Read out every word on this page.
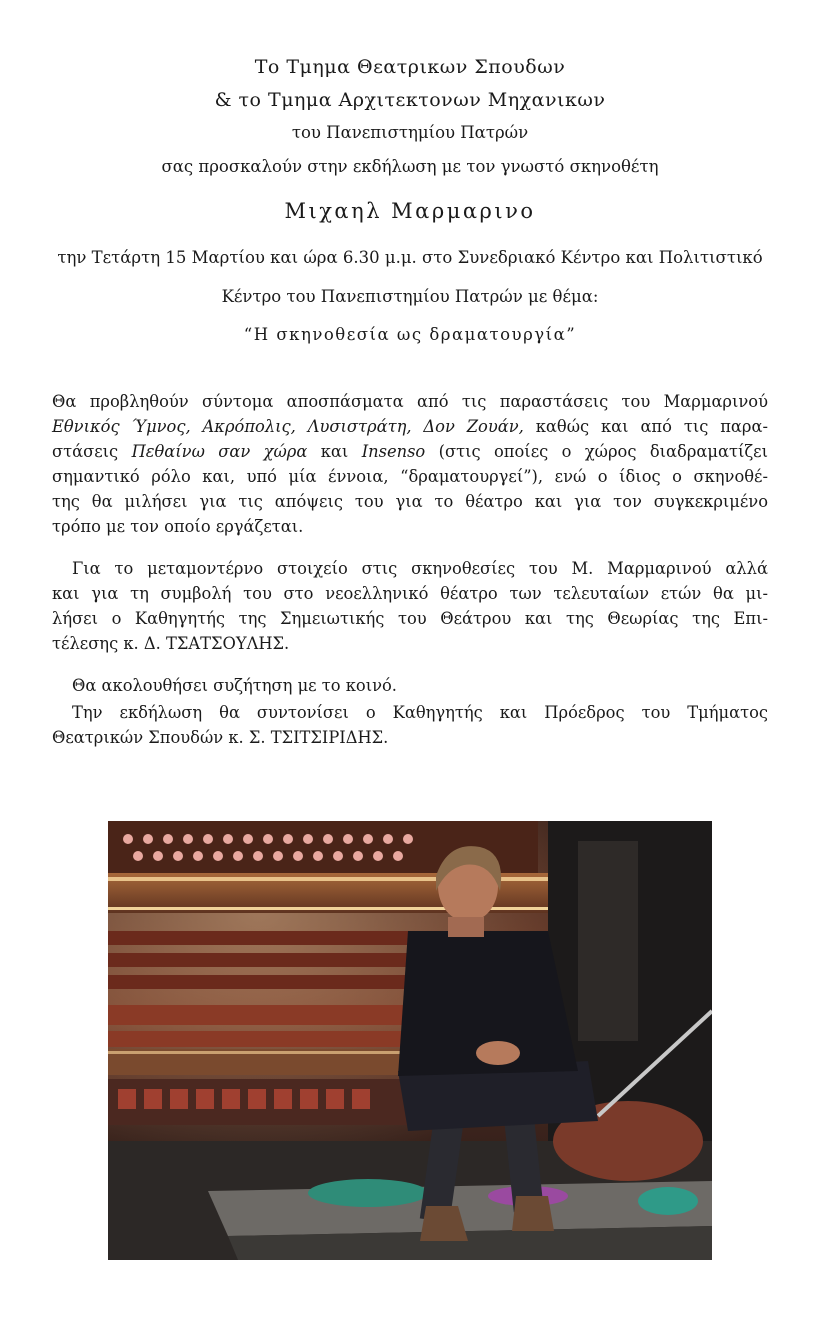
Το Τμημα Θεατρικων Σπουδων
& το Τμημα Αρχιτεκτονων Μηχανικων
του Πανεπιστημίου Πατρών
σας προσκαλούν στην εκδήλωση με τον γνωστό σκηνοθέτη
Μιχαηλ Μαρμαρινο
την Τετάρτη 15 Μαρτίου και ώρα 6.30 μ.μ. στο Συνεδριακό Κέντρο και Πολιτιστικό
Κέντρο του Πανεπιστημίου Πατρών με θέμα:
“Η σκηνοθεσία ως δραματουργία”
Θα προβληθούν σύντομα αποσπάσματα από τις παραστάσεις του Μαρμαρινού
Εθνικός Ύμνος, Ακρόπολις, Λυσιστράτη, Δον Ζουάν, καθώς και από τις παρα-
στάσεις Πεθαίνω σαν χώρα και Insenso (στις οποίες ο χώρος διαδραματίζει
σημαντικό ρόλο και, υπό μία έννοια, “δραματουργεί”), ενώ ο ίδιος ο σκηνοθέ-
της θα μιλήσει για τις απόψεις του για το θέατρο και για τον συγκεκριμένο
τρόπο με τον οποίο εργάζεται.
Για το μεταμοντέρνο στοιχείο στις σκηνοθεσίες του Μ. Μαρμαρινού αλλά
και για τη συμβολή του στο νεοελληνικό θέατρο των τελευταίων ετών θα μι-
λήσει ο Καθηγητής της Σημειωτικής του Θεάτρου και της Θεωρίας της Επι-
τέλεσης κ. Δ. ΤΣΑΤΣΟΥΛΗΣ.
Θα ακολουθήσει συζήτηση με το κοινό.
Την εκδήλωση θα συντονίσει ο Καθηγητής και Πρόεδρος του Τμήματος
Θεατρικών Σπουδών κ. Σ. ΤΣΙΤΣΙΡΙΔΗΣ.
